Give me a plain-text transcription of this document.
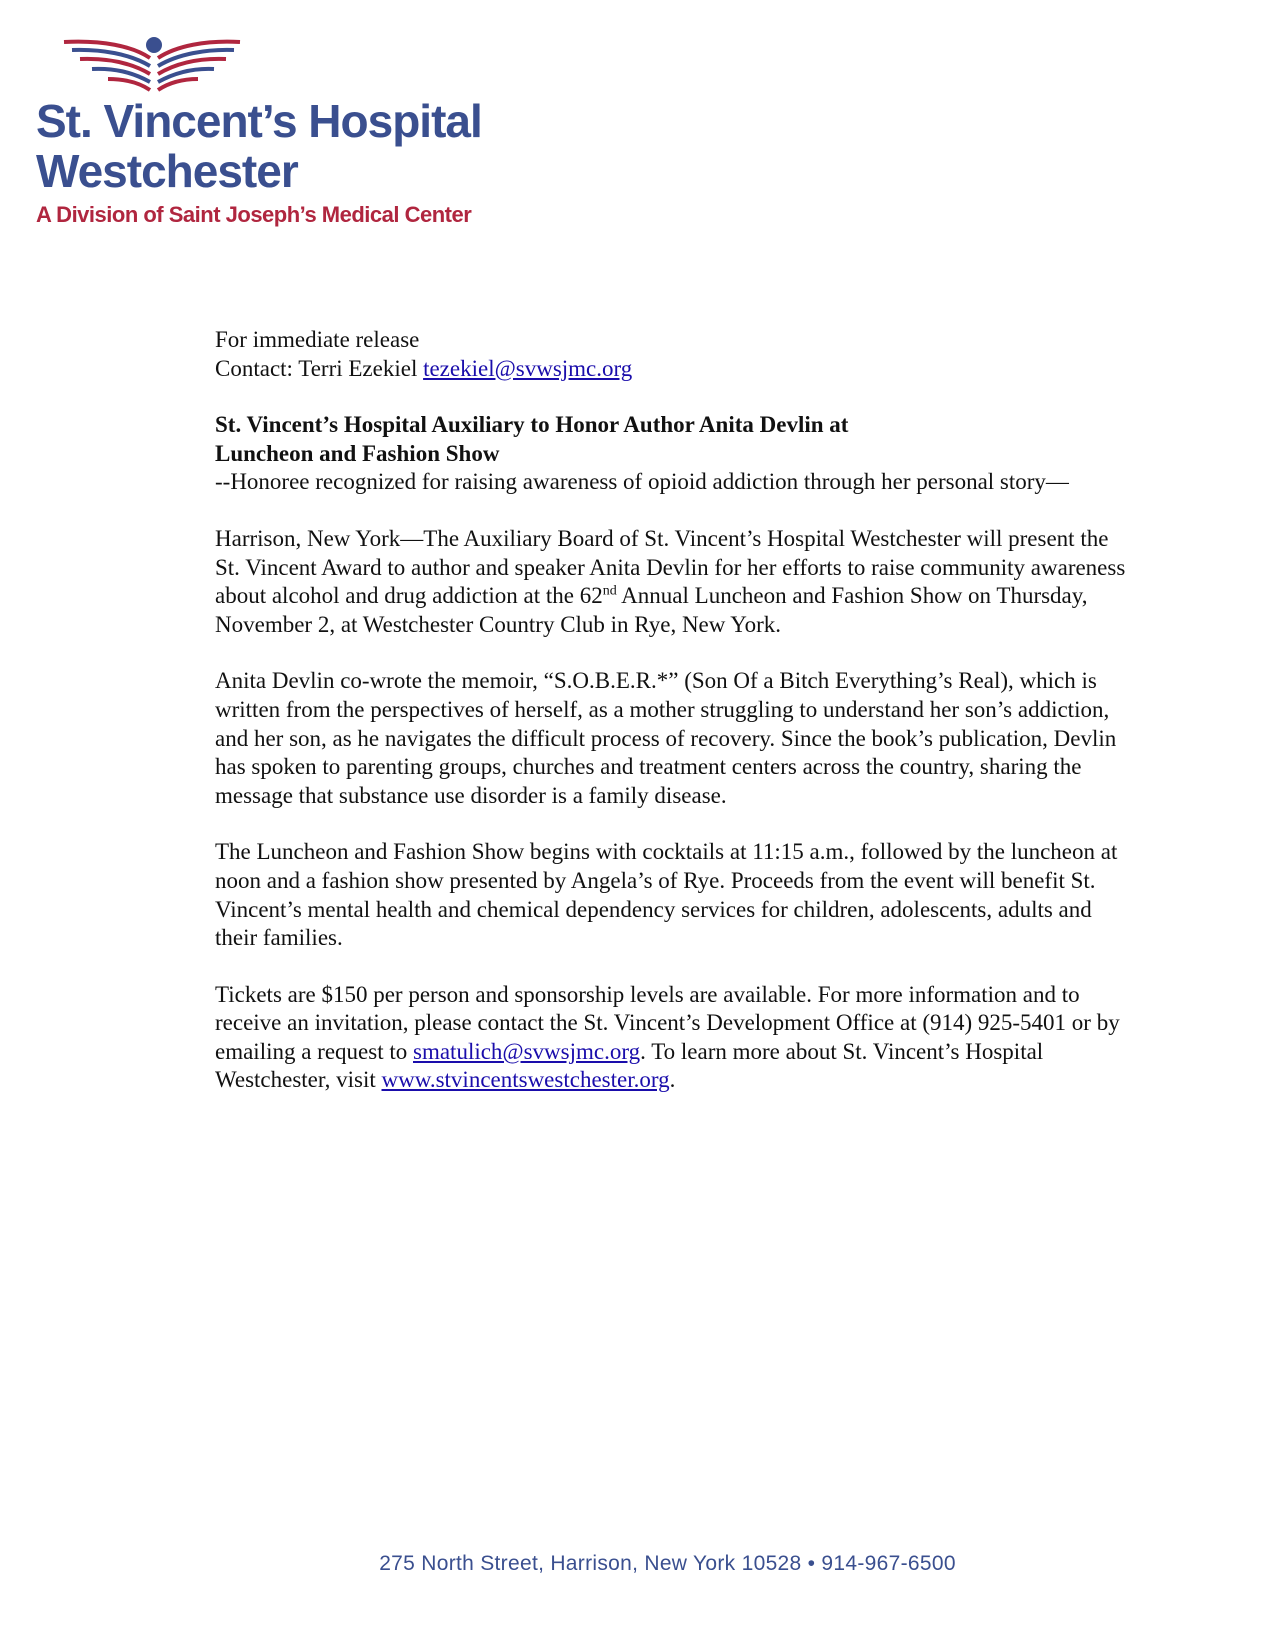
St. Vincent’s Hospital
Westchester
A Division of Saint Joseph’s Medical Center

For immediate release

Contact: Terri Ezekiel tezekiel@svwsjmc.org

St. Vincent’s Hospital Auxiliary to Honor Author Anita Devlin at

Luncheon and Fashion Show

--Honoree recognized for raising awareness of opioid addiction through her personal story—

Harrison, New York—The Auxiliary Board of St. Vincent’s Hospital Westchester will present the St. Vincent Award to author and speaker Anita Devlin for her efforts to raise community awareness about alcohol and drug addiction at the 62nd Annual Luncheon and Fashion Show on Thursday, November 2, at Westchester Country Club in Rye, New York.

Anita Devlin co-wrote the memoir, “S.O.B.E.R.*” (Son Of a Bitch Everything’s Real), which is written from the perspectives of herself, as a mother struggling to understand her son’s addiction, and her son, as he navigates the difficult process of recovery. Since the book’s publication, Devlin has spoken to parenting groups, churches and treatment centers across the country, sharing the message that substance use disorder is a family disease.

The Luncheon and Fashion Show begins with cocktails at 11:15 a.m., followed by the luncheon at noon and a fashion show presented by Angela’s of Rye. Proceeds from the event will benefit St. Vincent’s mental health and chemical dependency services for children, adolescents, adults and their families.

Tickets are $150 per person and sponsorship levels are available. For more information and to receive an invitation, please contact the St. Vincent’s Development Office at (914) 925-5401 or by emailing a request to smatulich@svwsjmc.org. To learn more about St. Vincent’s Hospital Westchester, visit www.stvincentswestchester.org.

275 North Street, Harrison, New York 10528 • 914-967-6500
